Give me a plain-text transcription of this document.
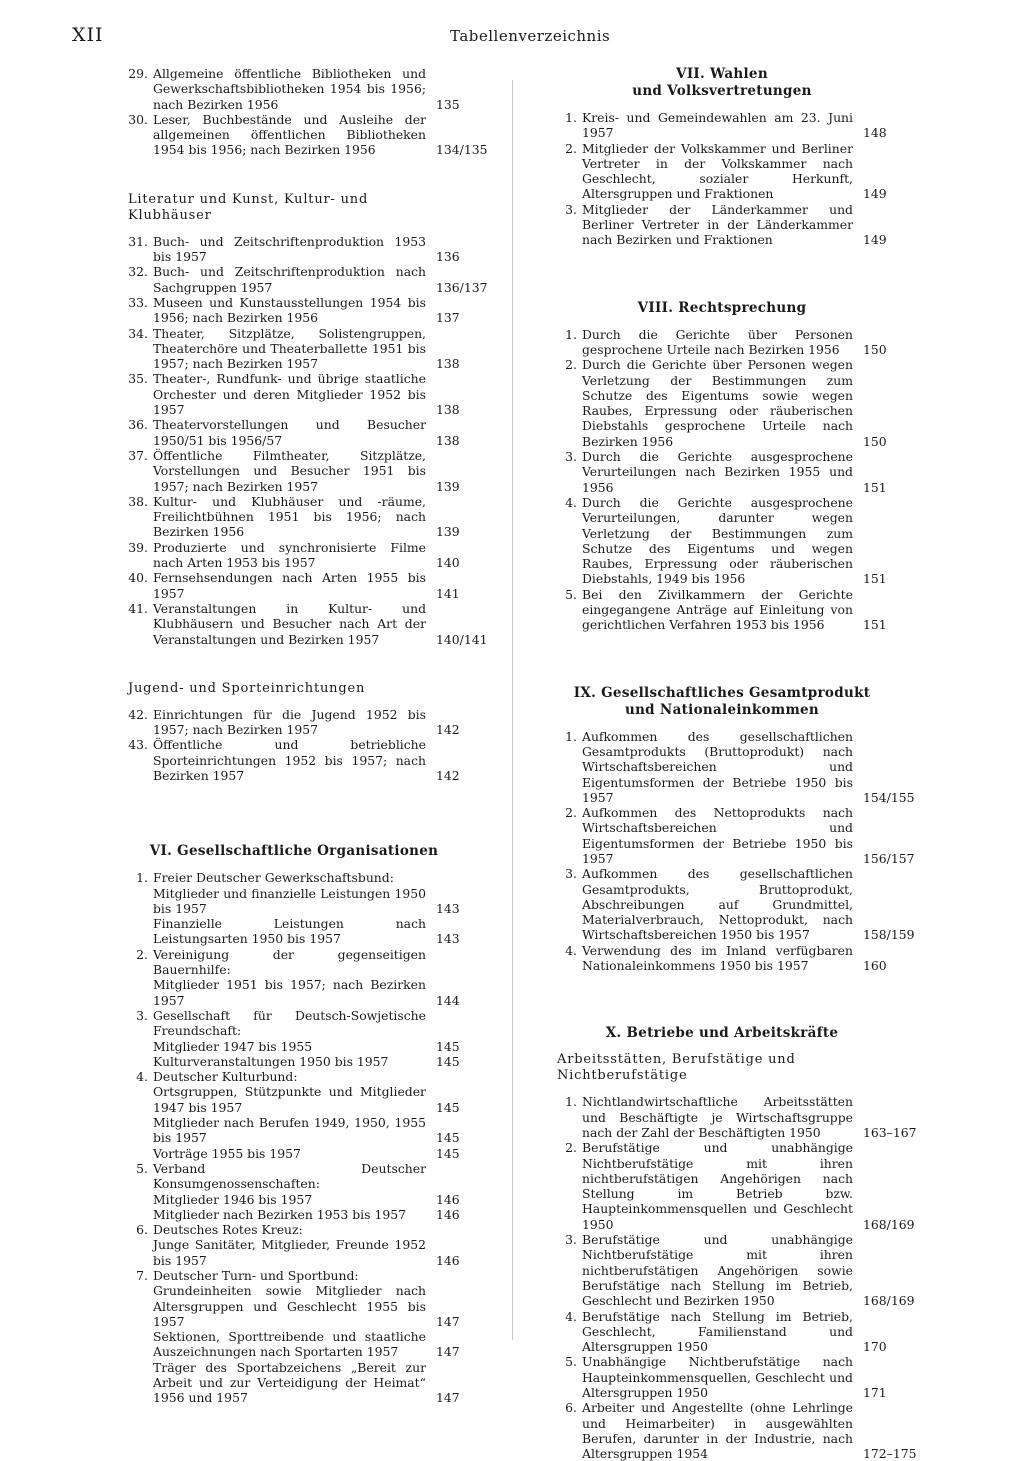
XII	Tabellenverzeichnis
29. Allgemeine öffentliche Bibliotheken und Gewerkschaftsbibliotheken 1954 bis 1956; nach Bezirken 1956	135
30. Leser, Buchbestände und Ausleihe der allgemeinen öffentlichen Bibliotheken 1954 bis 1956; nach Bezirken 1956	134/135
Literatur und Kunst, Kultur- und Klubhäuser
31. Buch- und Zeitschriftenproduktion 1953 bis 1957	136
32. Buch- und Zeitschriftenproduktion nach Sachgruppen 1957	136/137
33. Museen und Kunstausstellungen 1954 bis 1956; nach Bezirken 1956	137
34. Theater, Sitzplätze, Solistengruppen, Theaterchöre und Theaterballette 1951 bis 1957; nach Bezirken 1957	138
35. Theater-, Rundfunk- und übrige staatliche Orchester und deren Mitglieder 1952 bis 1957	138
36. Theatervorstellungen und Besucher 1950/51 bis 1956/57	138
37. Öffentliche Filmtheater, Sitzplätze, Vorstellungen und Besucher 1951 bis 1957; nach Bezirken 1957	139
38. Kultur- und Klubhäuser und -räume, Freilichtbühnen 1951 bis 1956; nach Bezirken 1956	139
39. Produzierte und synchronisierte Filme nach Arten 1953 bis 1957	140
40. Fernsehsendungen nach Arten 1955 bis 1957	141
41. Veranstaltungen in Kultur- und Klubhäusern und Besucher nach Art der Veranstaltungen und Bezirken 1957	140/141
Jugend- und Sporteinrichtungen
42. Einrichtungen für die Jugend 1952 bis 1957; nach Bezirken 1957	142
43. Öffentliche und betriebliche Sporteinrichtungen 1952 bis 1957; nach Bezirken 1957	142
VI. Gesellschaftliche Organisationen
1. Freier Deutscher Gewerkschaftsbund:
Mitglieder und finanzielle Leistungen 1950 bis 1957	143
Finanzielle Leistungen nach Leistungsarten 1950 bis 1957	143
2. Vereinigung der gegenseitigen Bauernhilfe:
Mitglieder 1951 bis 1957; nach Bezirken 1957	144
3. Gesellschaft für Deutsch-Sowjetische Freundschaft:
Mitglieder 1947 bis 1955	145
Kulturveranstaltungen 1950 bis 1957	145
4. Deutscher Kulturbund:
Ortsgruppen, Stützpunkte und Mitglieder 1947 bis 1957	145
Mitglieder nach Berufen 1949, 1950, 1955 bis 1957	145
Vorträge 1955 bis 1957	145
5. Verband Deutscher Konsumgenossenschaften:
Mitglieder 1946 bis 1957	146
Mitglieder nach Bezirken 1953 bis 1957	146
6. Deutsches Rotes Kreuz:
Junge Sanitäter, Mitglieder, Freunde 1952 bis 1957	146
7. Deutscher Turn- und Sportbund:
Grundeinheiten sowie Mitglieder nach Altersgruppen und Geschlecht 1955 bis 1957	147
Sektionen, Sporttreibende und staatliche Auszeichnungen nach Sportarten 1957	147
Träger des Sportabzeichens „Bereit zur Arbeit und zur Verteidigung der Heimat“ 1956 und 1957	147
VII. Wahlen
und Volksvertretungen
1. Kreis- und Gemeindewahlen am 23. Juni 1957	148
2. Mitglieder der Volkskammer und Berliner Vertreter in der Volkskammer nach Geschlecht, sozialer Herkunft, Altersgruppen und Fraktionen	149
3. Mitglieder der Länderkammer und Berliner Vertreter in der Länderkammer nach Bezirken und Fraktionen	149
VIII. Rechtsprechung
1. Durch die Gerichte über Personen gesprochene Urteile nach Bezirken 1956	150
2. Durch die Gerichte über Personen wegen Verletzung der Bestimmungen zum Schutze des Eigentums sowie wegen Raubes, Erpressung oder räuberischen Diebstahls gesprochene Urteile nach Bezirken 1956	150
3. Durch die Gerichte ausgesprochene Verurteilungen nach Bezirken 1955 und 1956	151
4. Durch die Gerichte ausgesprochene Verurteilungen, darunter wegen Verletzung der Bestimmungen zum Schutze des Eigentums und wegen Raubes, Erpressung oder räuberischen Diebstahls, 1949 bis 1956	151
5. Bei den Zivilkammern der Gerichte eingegangene Anträge auf Einleitung von gerichtlichen Verfahren 1953 bis 1956	151
IX. Gesellschaftliches Gesamtprodukt
und Nationaleinkommen
1. Aufkommen des gesellschaftlichen Gesamtprodukts (Bruttoprodukt) nach Wirtschaftsbereichen und Eigentumsformen der Betriebe 1950 bis 1957	154/155
2. Aufkommen des Nettoprodukts nach Wirtschaftsbereichen und Eigentumsformen der Betriebe 1950 bis 1957	156/157
3. Aufkommen des gesellschaftlichen Gesamtprodukts, Bruttoprodukt, Abschreibungen auf Grundmittel, Materialverbrauch, Nettoprodukt, nach Wirtschaftsbereichen 1950 bis 1957	158/159
4. Verwendung des im Inland verfügbaren Nationaleinkommens 1950 bis 1957	160
X. Betriebe und Arbeitskräfte
Arbeitsstätten, Berufstätige und Nichtberufstätige
1. Nichtlandwirtschaftliche Arbeitsstätten und Beschäftigte je Wirtschaftsgruppe nach der Zahl der Beschäftigten 1950	163–167
2. Berufstätige und unabhängige Nichtberufstätige mit ihren nichtberufstätigen Angehörigen nach Stellung im Betrieb bzw. Haupteinkommensquellen und Geschlecht 1950	168/169
3. Berufstätige und unabhängige Nichtberufstätige mit ihren nichtberufstätigen Angehörigen sowie Berufstätige nach Stellung im Betrieb, Geschlecht und Bezirken 1950	168/169
4. Berufstätige nach Stellung im Betrieb, Geschlecht, Familienstand und Altersgruppen 1950	170
5. Unabhängige Nichtberufstätige nach Haupteinkommensquellen, Geschlecht und Altersgruppen 1950	171
6. Arbeiter und Angestellte (ohne Lehrlinge und Heimarbeiter) in ausgewählten Berufen, darunter in der Industrie, nach Altersgruppen 1954	172–175
